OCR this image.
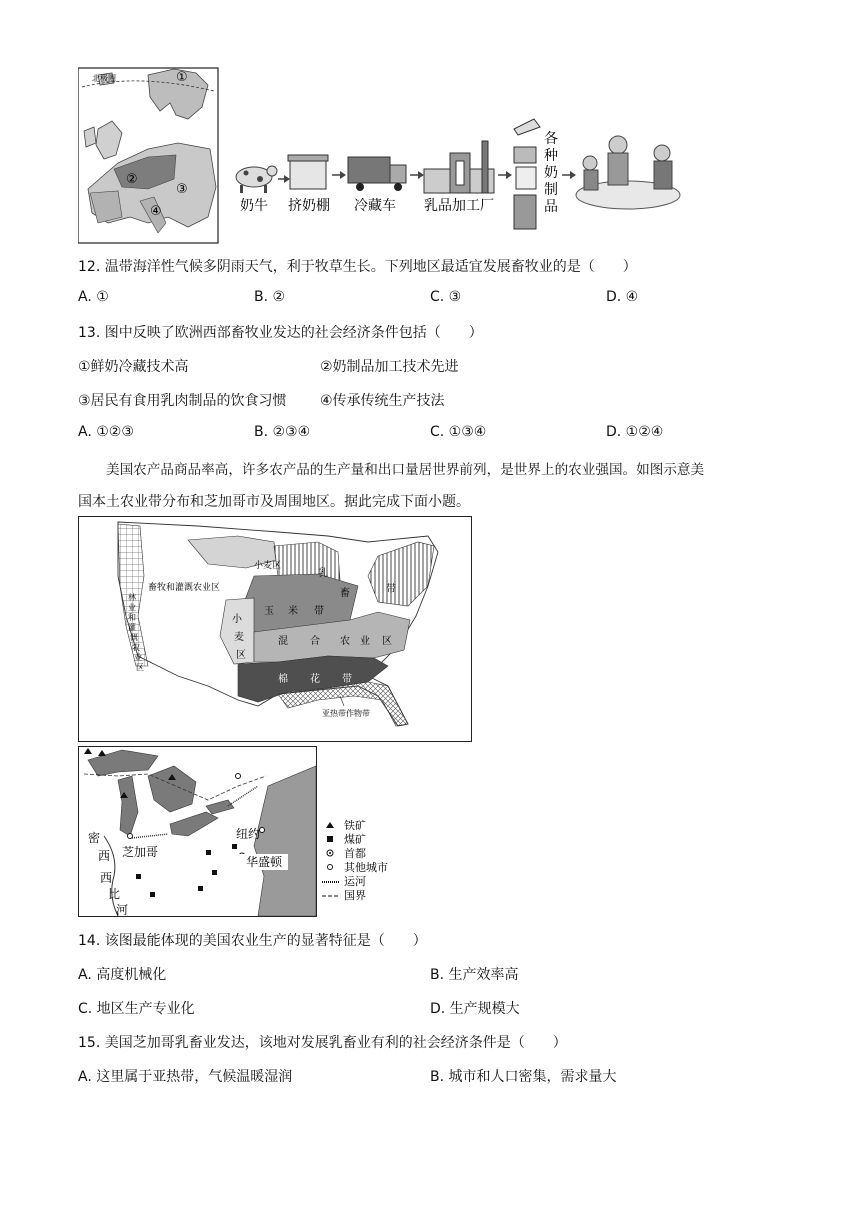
北极圈	①
②
③
④	奶牛 挤奶棚 冷藏车 乳品加工厂
各
种
奶
制
品
12. 温带海洋性气候多阴雨天气，利于牧草生长。下列地区最适宜发展畜牧业的是（　　）
A. ①	B. ②	C. ③	D. ④
13. 图中反映了欧洲西部畜牧业发达的社会经济条件包括（　　）
①鲜奶冷藏技术高	②奶制品加工技术先进
③居民有食用乳肉制品的饮食习惯 ④传承传统生产技法
A. ①②③	B. ②③④	C. ①③④	D. ①②④
美国农产品商品率高，许多农产品的生产量和出口量居世界前列，是世界上的农业强国。如图示意美
国本土农业带分布和芝加哥市及周围地区。据此完成下面小题。
小麦区
畜牧和灌溉农业区
乳
畜	带
玉 米 带
小
麦
区
混 合 农 业 区
棉 花 带
亚热带作物带
林
业
和
灌
溉
农
业
区
密
西
西
比
河
芝加哥
纽约
华盛顿
铁矿
煤矿
首都
其他城市
运河
国界
14. 该图最能体现的美国农业生产的显著特征是（　　）
A. 高度机械化	B. 生产效率高
C. 地区生产专业化	D. 生产规模大
15. 美国芝加哥乳畜业发达，该地对发展乳畜业有利的社会经济条件是（　　）
A. 这里属于亚热带，气候温暖湿润	B. 城市和人口密集，需求量大
